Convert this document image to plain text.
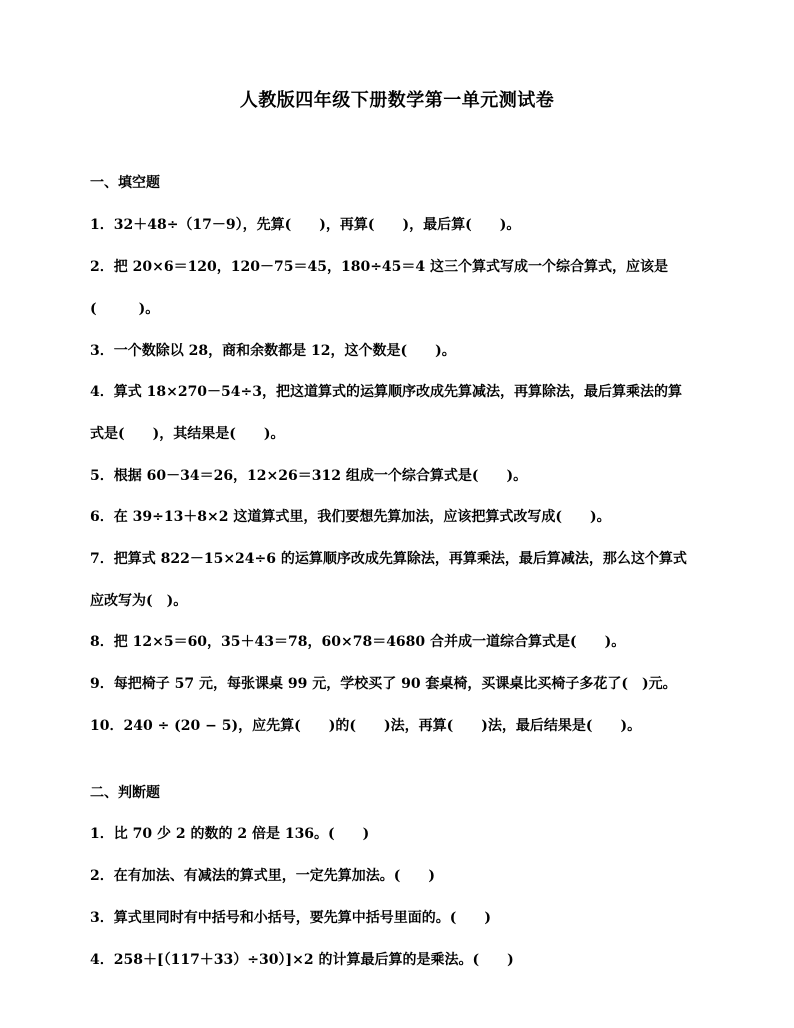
人教版四年级下册数学第一单元测试卷
一、填空题
1．32＋48÷（17－9），先算(　　)，再算(　　)，最后算(　　)。
2．把 20×6＝120，120－75＝45，180÷45＝4 这三个算式写成一个综合算式，应该是
(　　　)。
3．一个数除以 28，商和余数都是 12，这个数是(　　)。
4．算式 18×270－54÷3，把这道算式的运算顺序改成先算减法，再算除法，最后算乘法的算
式是(　　)，其结果是(　　)。
5．根据 60－34＝26，12×26＝312 组成一个综合算式是(　　)。
6．在 39÷13＋8×2 这道算式里，我们要想先算加法，应该把算式改写成(　　)。
7．把算式 822－15×24÷6 的运算顺序改成先算除法，再算乘法，最后算减法，那么这个算式
应改写为(　)。
8．把 12×5＝60，35＋43＝78，60×78＝4680 合并成一道综合算式是(　　)。
9．每把椅子 57 元，每张课桌 99 元，学校买了 90 套桌椅，买课桌比买椅子多花了(　)元。
10．240 ÷ (20 − 5)，应先算(　　)的(　　)法，再算(　　)法，最后结果是(　　)。
二、判断题
1．比 70 少 2 的数的 2 倍是 136。(　　)
2．在有加法、有减法的算式里，一定先算加法。(　　)
3．算式里同时有中括号和小括号，要先算中括号里面的。(　　)
4．258＋[（117＋33）÷30）]×2 的计算最后算的是乘法。(　　)
